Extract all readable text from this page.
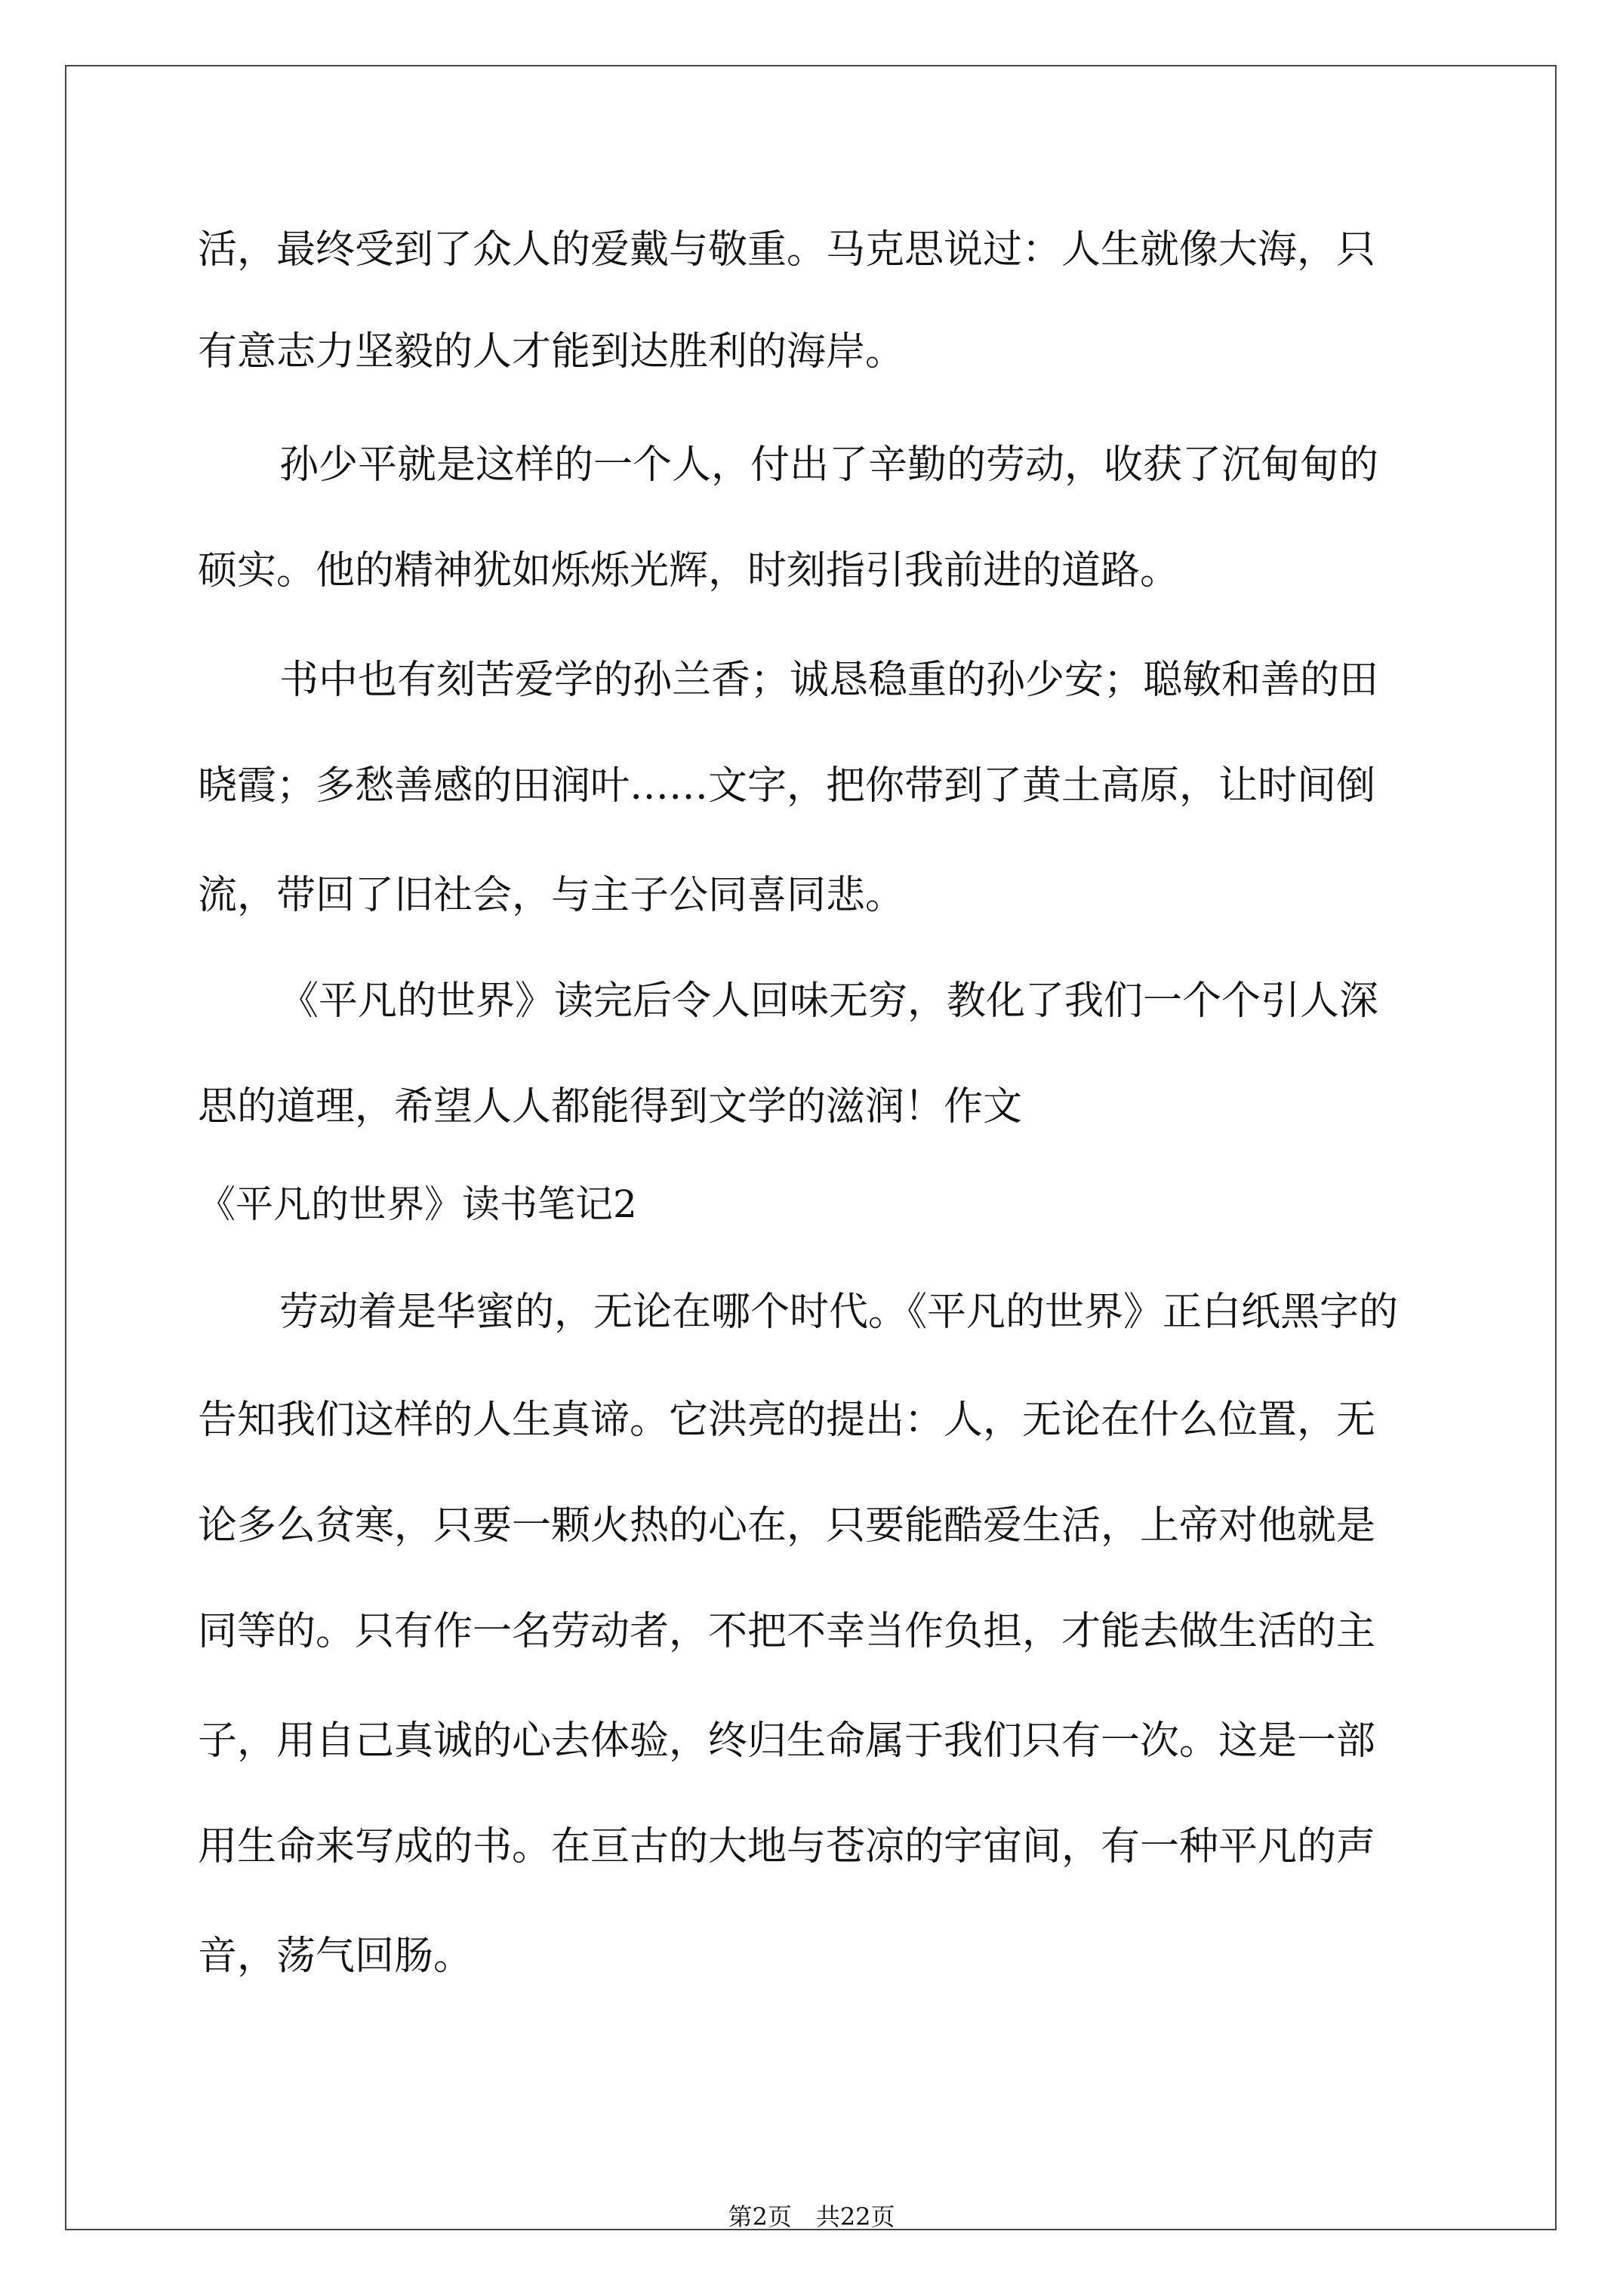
活，最终受到了众人的爱戴与敬重。马克思说过：人生就像大海，只
有意志力坚毅的人才能到达胜利的海岸。
孙少平就是这样的一个人，付出了辛勤的劳动，收获了沉甸甸的
硕实。他的精神犹如烁烁光辉，时刻指引我前进的道路。
书中也有刻苦爱学的孙兰香；诚恳稳重的孙少安；聪敏和善的田
晓霞；多愁善感的田润叶……文字，把你带到了黄土高原，让时间倒
流，带回了旧社会，与主子公同喜同悲。
《平凡的世界》读完后令人回味无穷，教化了我们一个个引人深
思的道理，希望人人都能得到文学的滋润！作文
《平凡的世界》读书笔记2
劳动着是华蜜的，无论在哪个时代。《平凡的世界》正白纸黑字的
告知我们这样的人生真谛。它洪亮的提出：人，无论在什么位置，无
论多么贫寒，只要一颗火热的心在，只要能酷爱生活，上帝对他就是
同等的。只有作一名劳动者，不把不幸当作负担，才能去做生活的主
子，用自己真诚的心去体验，终归生命属于我们只有一次。这是一部
用生命来写成的书。在亘古的大地与苍凉的宇宙间，有一种平凡的声
音，荡气回肠。
第2页　共22页
